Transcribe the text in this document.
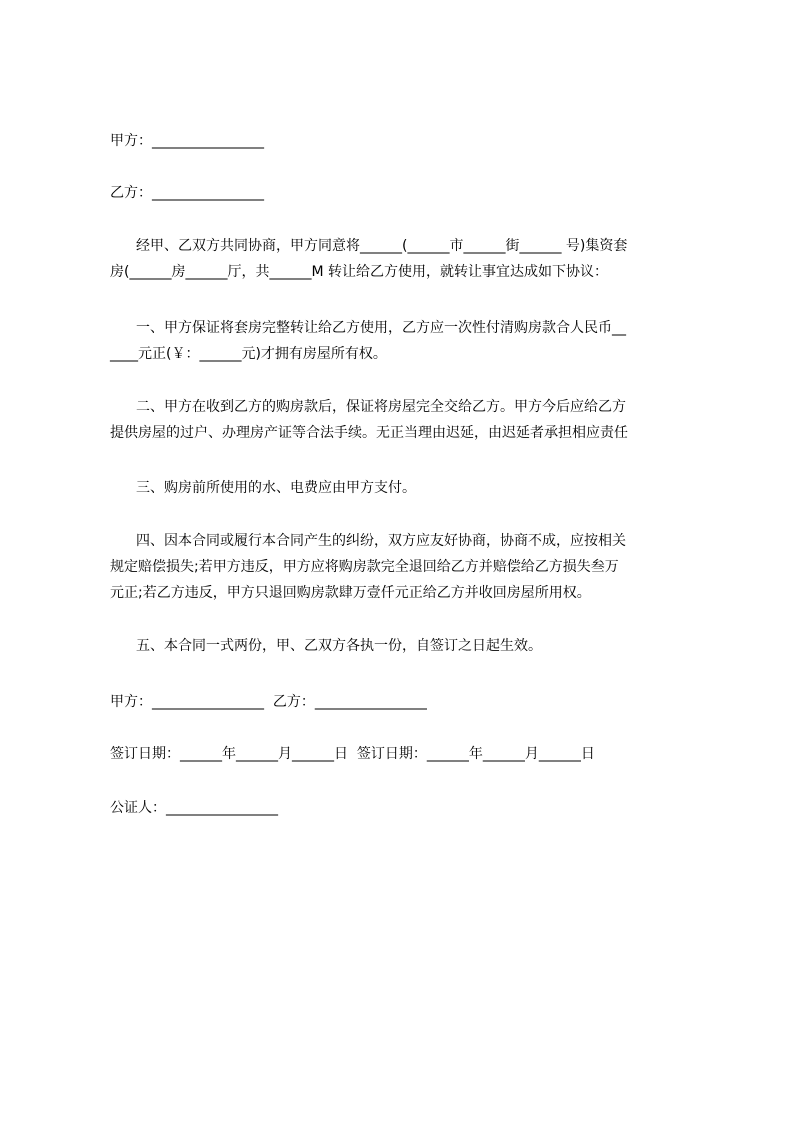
甲方：________________
乙方：________________
经甲、乙双方共同协商，甲方同意将______(______市______街______ 号)集资套
房(______房______厅，共______M 转让给乙方使用，就转让事宜达成如下协议：
一、甲方保证将套房完整转让给乙方使用，乙方应一次性付清购房款合人民币__
____元正(￥：______元)才拥有房屋所有权。
二、甲方在收到乙方的购房款后，保证将房屋完全交给乙方。甲方今后应给乙方
提供房屋的过户、办理房产证等合法手续。无正当理由迟延，由迟延者承担相应责任
三、购房前所使用的水、电费应由甲方支付。
四、因本合同或履行本合同产生的纠纷，双方应友好协商，协商不成，应按相关
规定赔偿损失;若甲方违反，甲方应将购房款完全退回给乙方并赔偿给乙方损失叁万
元正;若乙方违反，甲方只退回购房款肆万壹仟元正给乙方并收回房屋所用权。
五、本合同一式两份，甲、乙双方各执一份，自签订之日起生效。
甲方：________________  乙方：________________
签订日期：______年______月______日  签订日期：______年______月______日
公证人：________________
